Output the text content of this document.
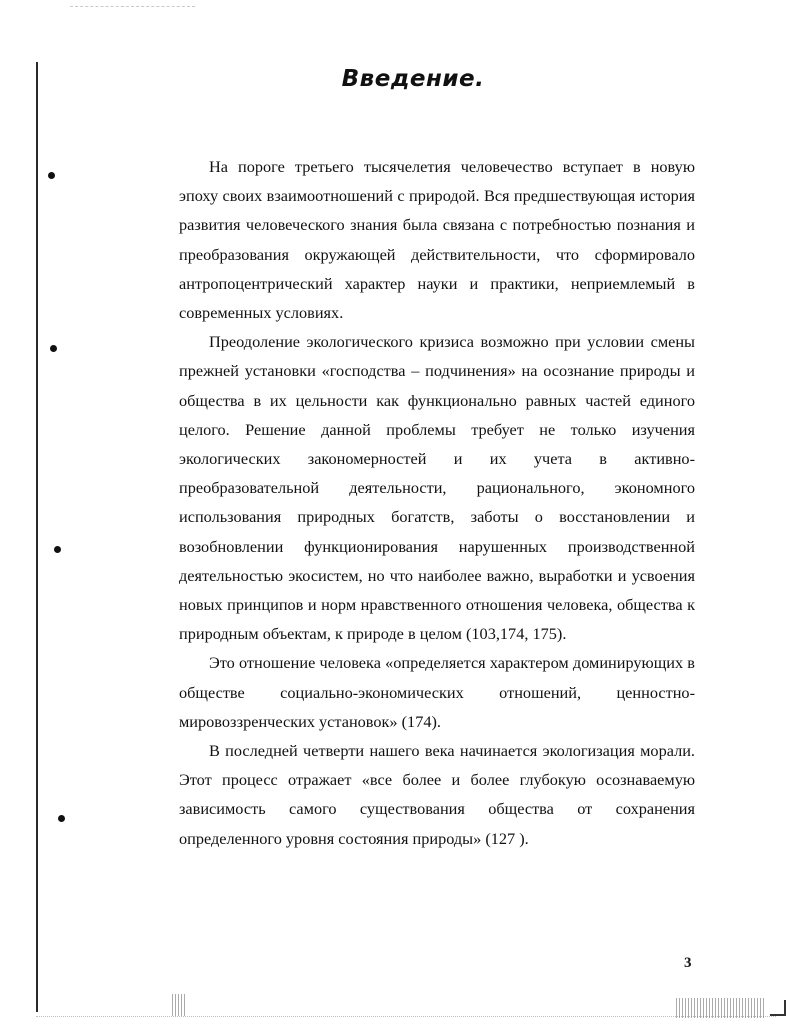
Введение.

На пороге третьего тысячелетия человечество вступает в новую эпоху своих взаимоотношений с природой. Вся предшествующая история развития человеческого знания была связана с потребностью познания и преобразования окружающей действительности, что сформировало антропоцентрический характер науки и практики, неприемлемый в современных условиях.

Преодоление экологического кризиса возможно при условии смены прежней установки «господства – подчинения» на осознание природы и общества в их цельности как функционально равных частей единого целого. Решение данной проблемы требует не только изучения экологических закономерностей и их учета в активно-преобразовательной деятельности, рационального, экономного использования природных богатств, заботы о восстановлении и возобновлении функционирования нарушенных производственной деятельностью экосистем, но что наиболее важно, выработки и усвоения новых принципов и норм нравственного отношения человека, общества к природным объектам, к природе в целом (103,174, 175).

Это отношение человека «определяется характером доминирующих в обществе социально-экономических отношений, ценностно-мировоззренческих установок» (174).

В последней четверти нашего века начинается экологизация морали. Этот процесс отражает «все более и более глубокую осознаваемую зависимость самого существования общества от сохранения определенного уровня состояния природы» (127 ).

3
